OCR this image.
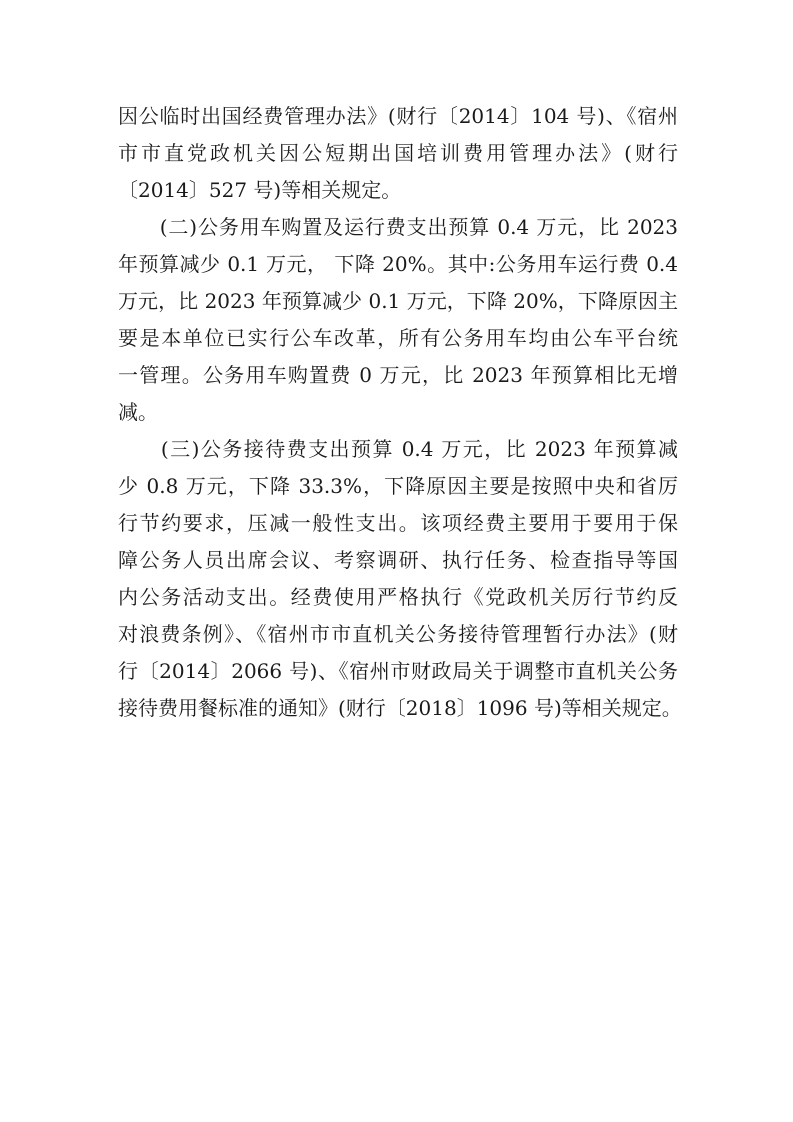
因公临时出国经费管理办法》(财行〔2014〕104 号)、《宿州
市市直党政机关因公短期出国培训费用管理办法》(财行
〔2014〕527 号)等相关规定。
　　(二)公务用车购置及运行费支出预算 0.4 万元，比 2023
年预算减少 0.1 万元， 下降 20%。其中:公务用车运行费 0.4
万元，比 2023 年预算减少 0.1 万元，下降 20%，下降原因主
要是本单位已实行公车改革，所有公务用车均由公车平台统
一管理。公务用车购置费 0 万元，比 2023 年预算相比无增
减。
　　(三)公务接待费支出预算 0.4 万元，比 2023 年预算减
少 0.8 万元，下降 33.3%，下降原因主要是按照中央和省厉
行节约要求，压减一般性支出。该项经费主要用于要用于保
障公务人员出席会议、考察调研、执行任务、检查指导等国
内公务活动支出。经费使用严格执行《党政机关厉行节约反
对浪费条例》、《宿州市市直机关公务接待管理暂行办法》(财
行〔2014〕2066 号)、《宿州市财政局关于调整市直机关公务
接待费用餐标准的通知》(财行〔2018〕1096 号)等相关规定。
